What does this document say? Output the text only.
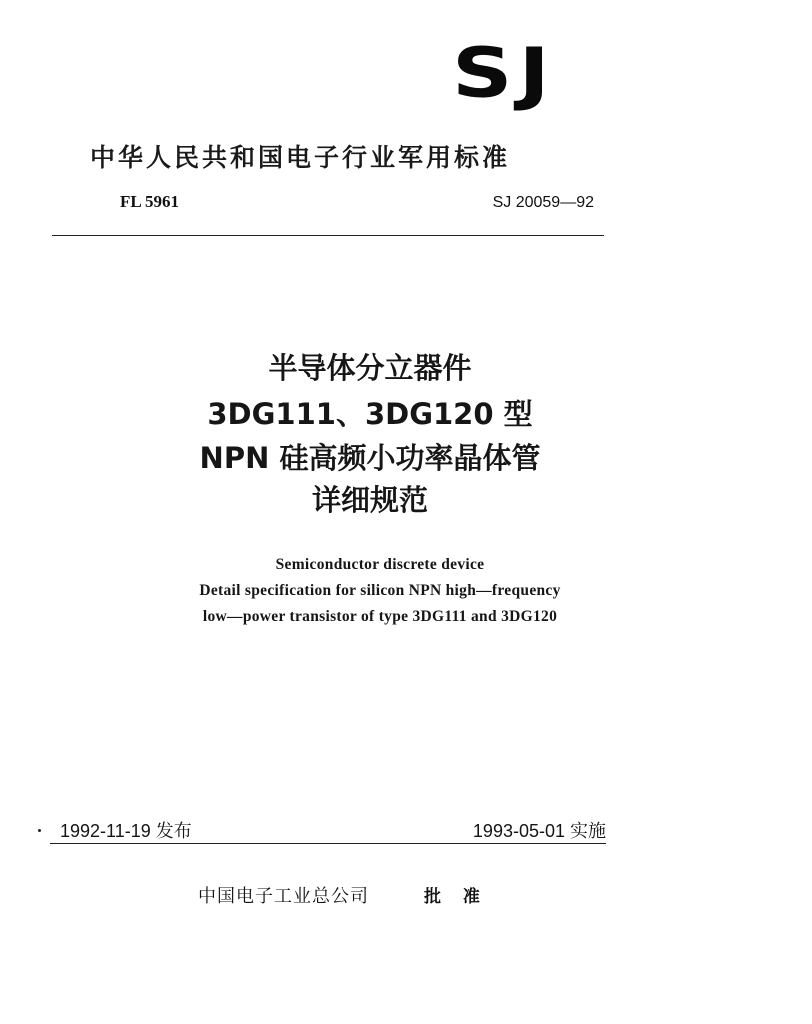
SJ
中华人民共和国电子行业军用标准
FL 5961	SJ 20059—92
半导体分立器件
3DG111、3DG120 型
NPN 硅高频小功率晶体管
详细规范
Semiconductor discrete device
Detail specification for silicon NPN high—frequency
low—power transistor of type 3DG111 and 3DG120
1992-11-19 发布	1993-05-01 实施
中国电子工业总公司	批 准
